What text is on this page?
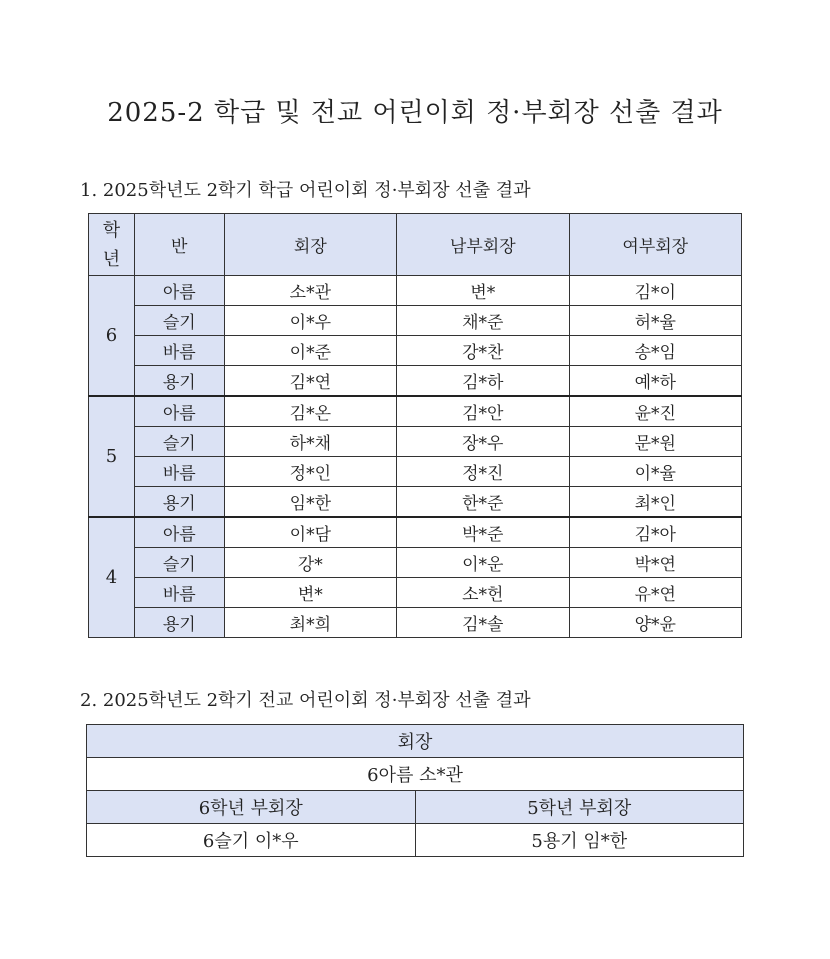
2025-2 학급 및 전교 어린이회 정·부회장 선출 결과
1. 2025학년도 2학기 학급 어린이회 정·부회장 선출 결과
학
년	반	회장	남부회장	여부회장
6	아름	소*관	변*	김*이
	슬기	이*우	채*준	허*율
	바름	이*준	강*찬	송*임
	용기	김*연	김*하	예*하
5	아름	김*온	김*안	윤*진
	슬기	하*채	장*우	문*원
	바름	정*인	정*진	이*율
	용기	임*한	한*준	최*인
4	아름	이*담	박*준	김*아
	슬기	강*	이*운	박*연
	바름	변*	소*헌	유*연
	용기	최*희	김*솔	양*윤
2. 2025학년도 2학기 전교 어린이회 정·부회장 선출 결과
회장	
6아름 소*관	
6학년 부회장	5학년 부회장
6슬기 이*우	5용기 임*한
